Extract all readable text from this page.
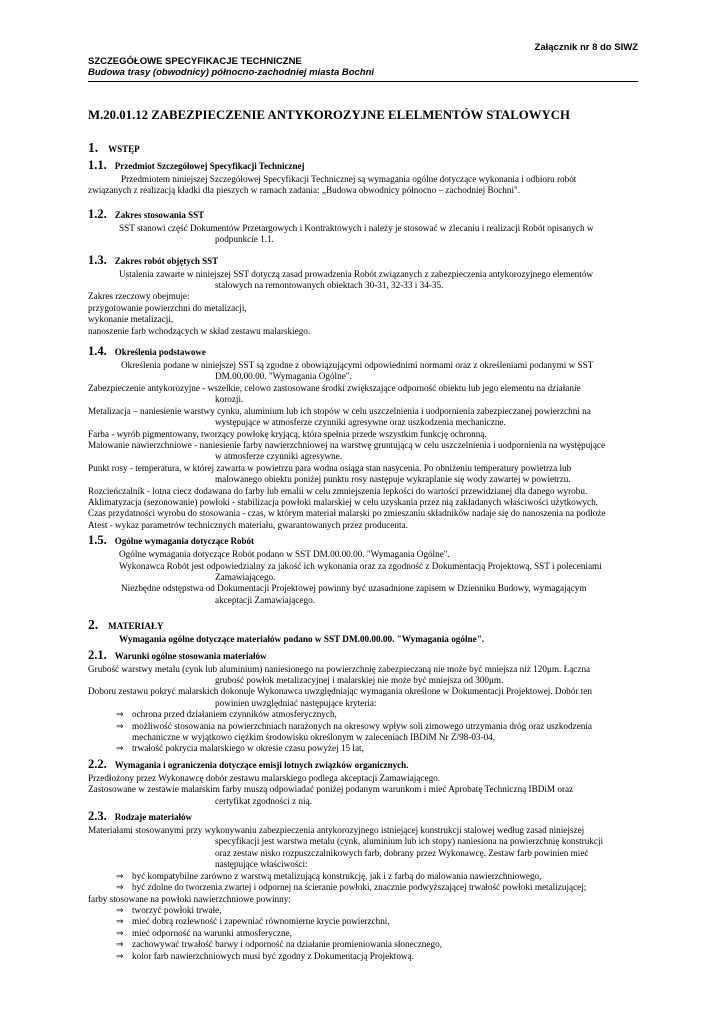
Załącznik nr 8 do SIWZ
SZCZEGÓŁOWE SPECYFIKACJE TECHNICZNE
Budowa trasy (obwodnicy) północno-zachodniej miasta Bochni
M.20.01.12 ZABEZPIECZENIE ANTYKOROZYJNE ELELMENTÓW STALOWYCH
1. WSTĘP
1.1. Przedmiot Szczegółowej Specyfikacji Technicznej

Przedmiotem niniejszej Szczegółowej Specyfikacji Technicznej są wymagania ogólne dotyczące wykonania i odbioru robót

związanych z realizacją kładki dla pieszych w ramach zadania: „Budowa obwodnicy północno – zachodniej Bochni".

1.2. Zakres stosowania SST

SST stanowi część Dokumentów Przetargowych i Kontraktowych i należy je stosować w zlecaniu i realizacji Robót opisanych w

podpunkcie 1.1.

1.3. Zakres robót objętych SST

Ustalenia zawarte w niniejszej SST dotyczą zasad prowadzenia Robót związanych z zabezpieczenia antykorozyjnego elementów

stalowych na remontowanych obiektach 30-31, 32-33 i 34-35.

Zakres rzeczowy obejmuje:

przygotowanie powierzchni do metalizacji,

wykonanie metalizacji,

nanoszenie farb wchodzących w skład zestawu malarskiego.

1.4. Określenia podstawowe

Określenia podane w niniejszej SST są zgodne z obowiązującymi odpowiednimi normami oraz z określeniami podanymi w SST

DM.00.00.00. "Wymagania Ogólne".

Zabezpieczenie antykorozyjne - wszelkie, celowo zastosowane środki zwiększające odporność obiektu lub jego elementu na działanie

korozji.

Metalizacja – naniesienie warstwy cynku, aluminium lub ich stopów w celu uszczelnienia i uodpornienia zabezpieczanej powierzchni na

występujące w atmosferze czynniki agresywne oraz uszkodzenia mechaniczne.

Farba - wyrób pigmentowany, tworzący powłokę kryjącą, która spełnia przede wszystkim funkcję ochronną.

Malowanie nawierzchniowe - naniesienie farby nawierzchniowej na warstwę gruntującą w celu uszczelnienia i uodpornienia na występujące

w atmosferze czynniki agresywne.

Punkt rosy - temperatura, w której zawarta w powietrzu para wodna osiąga stan nasycenia. Po obniżeniu temperatury powietrza lub

malowanego obiektu poniżej punktu rosy następuje wykraplanie się wody zawartej w powietrzu.

Rozcieńczalnik - lotna ciecz dodawana do farby lub emalii w celu zmniejszenia lepkości do wartości przewidzianej dla danego wyrobu.

Aklimatyzacja (sezonowanie) powłoki - stabilizacja powłoki malarskiej w celu uzyskania przez nią zakładanych właściwości użytkowych.

Czas przydatności wyrobu do stosowania - czas, w którym materiał malarski po zmieszaniu składników nadaje się do nanoszenia na podłoże

Atest - wykaz parametrów technicznych materiału, gwarantowanych przez producenta.

1.5. Ogólne wymagania dotyczące Robót

Ogólne wymagania dotyczące Robót podano w SST DM.00.00.00. "Wymagania Ogólne".

Wykonawca Robót jest odpowiedzialny za jakość ich wykonania oraz za zgodność z Dokumentacją Projektową, SST i poleceniami

Zamawiającego.

Niezbędne odstępstwa od Dokumentacji Projektowej powinny być uzasadnione zapisem w Dzienniku Budowy, wymagającym

akceptacji Zamawiającego.

2. MATERIAŁY

Wymagania ogólne dotyczące materiałów podano w SST DM.00.00.00. "Wymagania ogólne".

2.1. Warunki ogólne stosowania materiałów

Grubość warstwy metalu (cynk lub aluminium) naniesionego na powierzchnię zabezpieczaną nie może być mniejsza niż 120μm. Łączna

grubość powłok metalizacyjnej i malarskiej nie może być mniejsza od 300μm.

Doboru zestawu pokryć malarskich dokonuje Wykonawca uwzględniając wymagania określone w Dokumentacji Projektowej. Dobór ten

powinien uwzględniać następujące kryteria:

⇒ ochrona przed działaniem czynników atmosferycznych,

⇒ możliwość stosowania na powierzchniach narażonych na okresowy wpływ soli zimowego utrzymania dróg oraz uszkodzenia

mechaniczne w wyjątkowo ciężkim środowisku określonym w zaleceniach IBDiM Nr Z/98-03-04,

⇒ trwałość pokrycia malarskiego w okresie czasu powyżej 15 lat,

2.2. Wymagania i ograniczenia dotyczące emisji lotnych związków organicznych.

Przedłożony przez Wykonawcę dobór zestawu malarskiego podlega akceptacji Zamawiającego.

Zastosowane w zestawie malarskim farby muszą odpowiadać poniżej podanym warunkom i mieć Aprobatę Techniczną IBDiM oraz

certyfikat zgodności z nią.

2.3. Rodzaje materiałów

Materiałami stosowanymi przy wykonywaniu zabezpieczenia antykorozyjnego istniejącej konstrukcji stalowej według zasad niniejszej

specyfikacji jest warstwa metalu (cynk, aluminium lub ich stopy) naniesiona na powierzchnię konstrukcji

oraz zestaw nisko rozpuszczalnikowych farb, dobrany przez Wykonawcę. Zestaw farb powinien mieć

następujące właściwości:

⇒ być kompatybilne zarówno z warstwą metalizującą konstrukcję, jak i z farbą do malowania nawierzchniowego,

⇒ być zdolne do tworzenia zwartej i odpornej na ścieranie powłoki, znacznie podwyższającej trwałość powłoki metalizującej;

farby stosowane na powłoki nawierzchniowe powinny:

⇒ tworzyć powłoki trwałe,

⇒ mieć dobrą rozlewność i zapewniać równomierne krycie powierzchni,

⇒ mieć odporność na warunki atmosferyczne,

⇒ zachowywać trwałość barwy i odporność na działanie promieniowania słonecznego,

⇒ kolor farb nawierzchniowych musi być zgodny z Dokumentacją Projektową.
